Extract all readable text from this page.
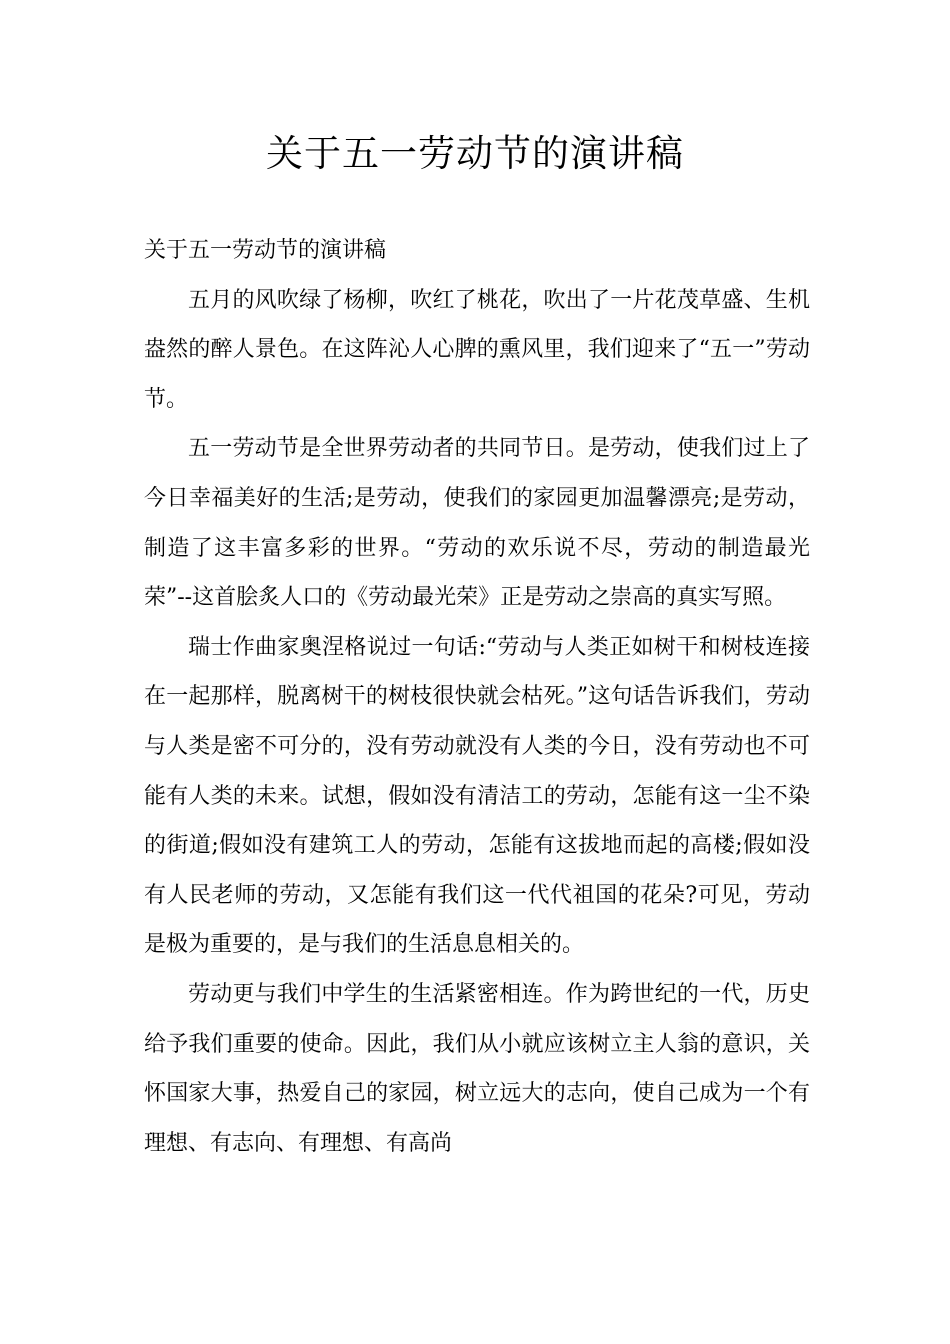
关于五一劳动节的演讲稿

关于五一劳动节的演讲稿

五月的风吹绿了杨柳，吹红了桃花，吹出了一片花茂草盛、生机盎然的醉人景色。在这阵沁人心脾的熏风里，我们迎来了“五一”劳动节。

五一劳动节是全世界劳动者的共同节日。是劳动，使我们过上了今日幸福美好的生活;是劳动，使我们的家园更加温馨漂亮;是劳动，制造了这丰富多彩的世界。“劳动的欢乐说不尽，劳动的制造最光荣”--这首脍炙人口的《劳动最光荣》正是劳动之崇高的真实写照。

瑞士作曲家奥涅格说过一句话:“劳动与人类正如树干和树枝连接在一起那样，脱离树干的树枝很快就会枯死。”这句话告诉我们，劳动与人类是密不可分的，没有劳动就没有人类的今日，没有劳动也不可能有人类的未来。试想，假如没有清洁工的劳动，怎能有这一尘不染的街道;假如没有建筑工人的劳动，怎能有这拔地而起的高楼;假如没有人民老师的劳动，又怎能有我们这一代代祖国的花朵?可见，劳动是极为重要的，是与我们的生活息息相关的。

劳动更与我们中学生的生活紧密相连。作为跨世纪的一代，历史给予我们重要的使命。因此，我们从小就应该树立主人翁的意识，关怀国家大事，热爱自己的家园，树立远大的志向，使自己成为一个有理想、有志向、有理想、有高尚
